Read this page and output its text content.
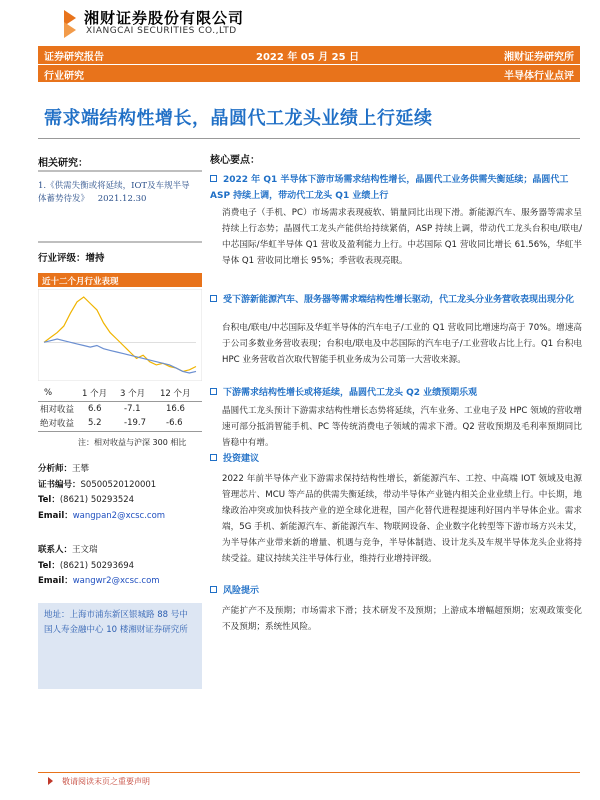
湘财证券股份有限公司
XIANGCAI SECURITIES CO.,LTD
证券研究报告	2022 年 05 月 25 日	湘财证券研究所
行业研究	半导体行业点评
需求端结构性增长，晶圆代工龙头业绩上行延续
相关研究：
1.《供需失衡或将延续，IOT及车规半导体蓄势待发》 2021.12.30
行业评级：增持
近十二个月行业表现
%	1 个月	3 个月	12 个月
相对收益	6.6	-7.1	16.6
绝对收益	5.2	-19.7	-6.6
注：相对收益与沪深 300 相比
分析师：王攀
证书编号：S0500520120001
Tel：(8621) 50293524
Email：wangpan2@xcsc.com
联系人：王文瑞
Tel：(8621) 50293694
Email：wangwr2@xcsc.com
地址：上海市浦东新区银城路 88 号中国人寿金融中心 10 楼湘财证券研究所
核心要点：
2022 年 Q1 半导体下游市场需求结构性增长，晶圆代工业务供需失衡延续；晶圆代工 ASP 持续上调，带动代工龙头 Q1 业绩上行
消费电子（手机、PC）市场需求表现疲软、销量同比出现下滑。新能源汽车、服务器等需求呈持续上行态势；晶圆代工龙头产能供给持续紧俏，ASP 持续上调，带动代工龙头台积电/联电/中芯国际/华虹半导体 Q1 营收及盈利能力上行。中芯国际 Q1 营收同比增长 61.56%，华虹半导体 Q1 营收同比增长 95%；季营收表现亮眼。
受下游新能源汽车、服务器等需求端结构性增长驱动，代工龙头分业务营收表现出现分化
台积电/联电/中芯国际及华虹半导体的汽车电子/工业的 Q1 营收同比增速均高于 70%。增速高于公司多数业务营收表现；台积电/联电及中芯国际的汽车电子/工业营收占比上行。Q1 台积电 HPC 业务营收首次取代智能手机业务成为公司第一大营收来源。
下游需求结构性增长或将延续，晶圆代工龙头 Q2 业绩预期乐观
晶圆代工龙头预计下游需求结构性增长态势将延续，汽车业务、工业电子及 HPC 领域的营收增速可部分抵消智能手机、PC 等传统消费电子领域的需求下滑。Q2 营收预期及毛利率预期同比皆稳中有增。
投资建议
2022 年前半导体产业下游需求保持结构性增长，新能源汽车、工控、中高端 IOT 领域及电源管理芯片、MCU 等产品的供需失衡延续，带动半导体产业链内相关企业业绩上行。中长期，地缘政治冲突或加快科技产业的逆全球化进程，国产化替代进程提速利好国内半导体企业。需求端，5G 手机、新能源汽车、新能源汽车、物联网设备、企业数字化转型等下游市场方兴未艾，为半导体产业带来新的增量、机遇与竞争，半导体制造、设计龙头及车规半导体龙头企业将持续受益。建议持续关注半导体行业，维持行业增持评级。
风险提示
产能扩产不及预期；市场需求下滑；技术研发不及预期；上游成本增幅超预期；宏观政策变化不及预期；系统性风险。
敬请阅读末页之重要声明
